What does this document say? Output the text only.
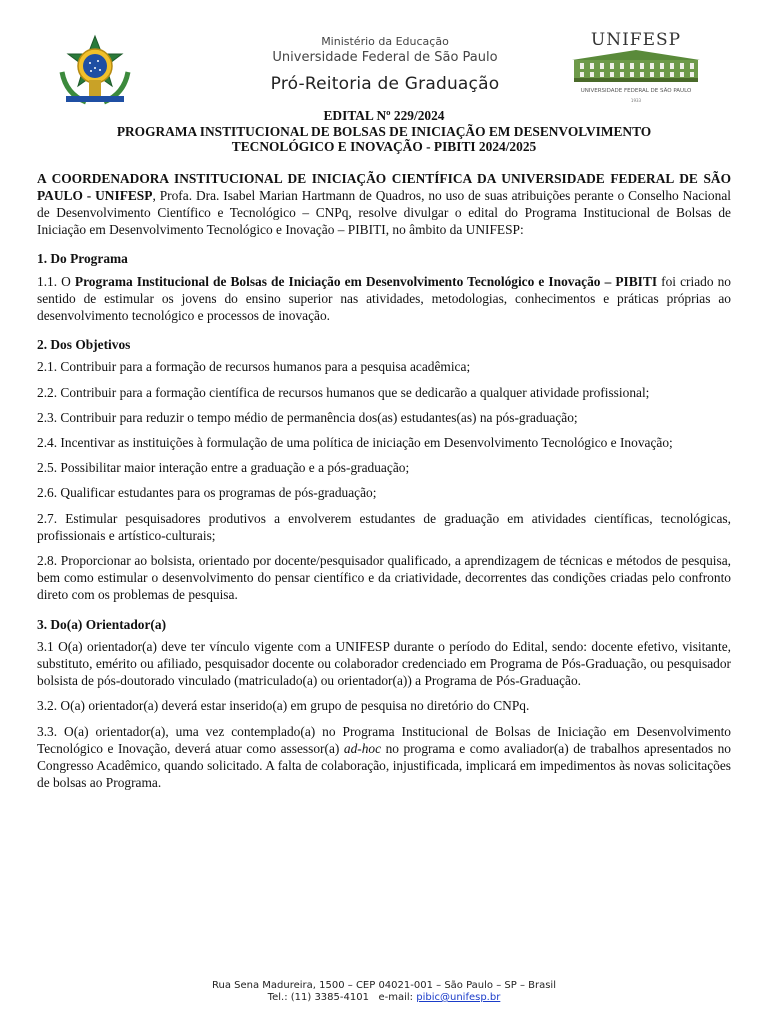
Ministério da Educação
Universidade Federal de São Paulo
Pró-Reitoria de Graduação
UNIFESP
UNIVERSIDADE FEDERAL DE SÃO PAULO
1933
EDITAL Nº 229/2024
PROGRAMA INSTITUCIONAL DE BOLSAS DE INICIAÇÃO EM DESENVOLVIMENTO
TECNOLÓGICO E INOVAÇÃO - PIBITI 2024/2025

A COORDENADORA INSTITUCIONAL DE INICIAÇÃO CIENTÍFICA DA UNIVERSIDADE FEDERAL DE SÃO PAULO - UNIFESP, Profa. Dra. Isabel Marian Hartmann de Quadros, no uso de suas atribuições perante o Conselho Nacional de Desenvolvimento Científico e Tecnológico – CNPq, resolve divulgar o edital do Programa Institucional de Bolsas de Iniciação em Desenvolvimento Tecnológico e Inovação – PIBITI, no âmbito da UNIFESP:

1. Do Programa

1.1. O Programa Institucional de Bolsas de Iniciação em Desenvolvimento Tecnológico e Inovação – PIBITI foi criado no sentido de estimular os jovens do ensino superior nas atividades, metodologias, conhecimentos e práticas próprias ao desenvolvimento tecnológico e processos de inovação.

2. Dos Objetivos

2.1. Contribuir para a formação de recursos humanos para a pesquisa acadêmica;

2.2. Contribuir para a formação científica de recursos humanos que se dedicarão a qualquer atividade profissional;

2.3. Contribuir para reduzir o tempo médio de permanência dos(as) estudantes(as) na pós-graduação;

2.4. Incentivar as instituições à formulação de uma política de iniciação em Desenvolvimento Tecnológico e Inovação;

2.5. Possibilitar maior interação entre a graduação e a pós-graduação;

2.6. Qualificar estudantes para os programas de pós-graduação;

2.7. Estimular pesquisadores produtivos a envolverem estudantes de graduação em atividades científicas, tecnológicas, profissionais e artístico-culturais;

2.8. Proporcionar ao bolsista, orientado por docente/pesquisador qualificado, a aprendizagem de técnicas e métodos de pesquisa, bem como estimular o desenvolvimento do pensar científico e da criatividade, decorrentes das condições criadas pelo confronto direto com os problemas de pesquisa.

3. Do(a) Orientador(a)

3.1 O(a) orientador(a) deve ter vínculo vigente com a UNIFESP durante o período do Edital, sendo: docente efetivo, visitante, substituto, emérito ou afiliado, pesquisador docente ou colaborador credenciado em Programa de Pós-Graduação, ou pesquisador bolsista de pós-doutorado vinculado (matriculado(a) ou orientador(a)) a Programa de Pós-Graduação.

3.2. O(a) orientador(a) deverá estar inserido(a) em grupo de pesquisa no diretório do CNPq.

3.3. O(a) orientador(a), uma vez contemplado(a) no Programa Institucional de Bolsas de Iniciação em Desenvolvimento Tecnológico e Inovação, deverá atuar como assessor(a) ad-hoc no programa e como avaliador(a) de trabalhos apresentados no Congresso Acadêmico, quando solicitado. A falta de colaboração, injustificada, implicará em impedimentos às novas solicitações de bolsas ao Programa.

Rua Sena Madureira, 1500 – CEP 04021-001 – São Paulo – SP – Brasil
Tel.: (11) 3385-4101 e-mail: pibic@unifesp.br
